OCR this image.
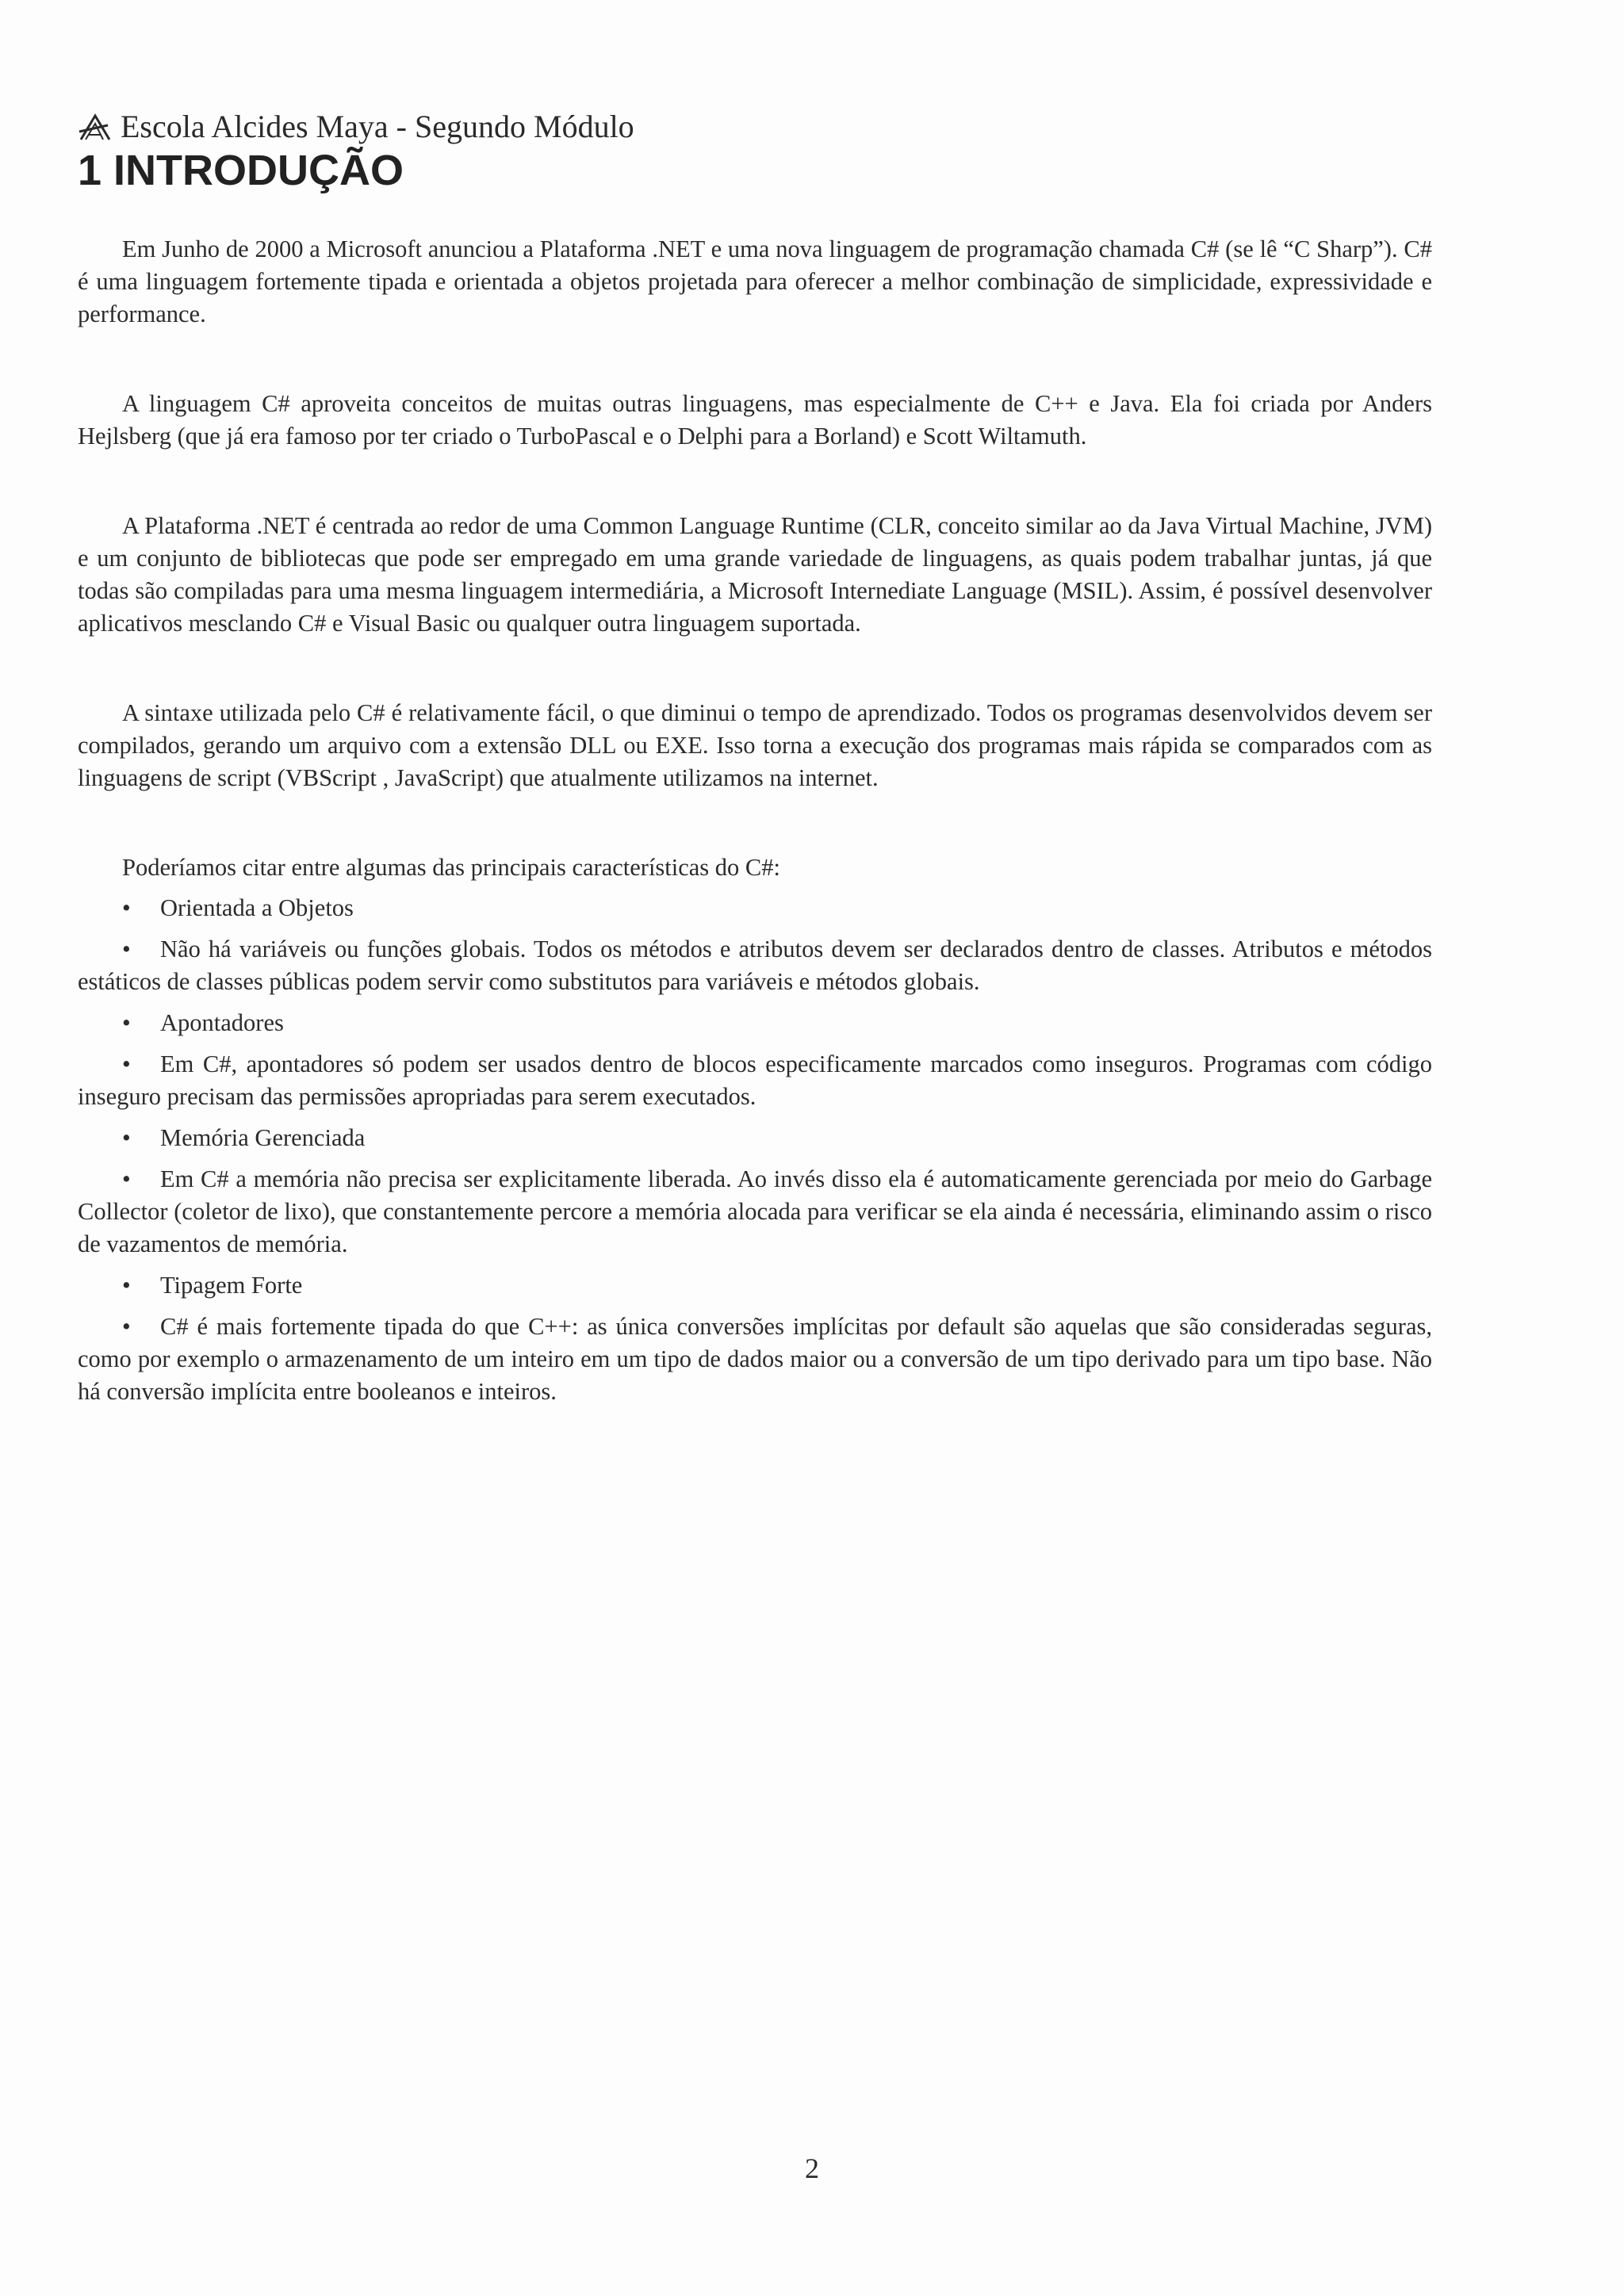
Escola Alcides Maya - Segundo Módulo
1 INTRODUÇÃO

Em Junho de 2000 a Microsoft anunciou a Plataforma .NET e uma nova linguagem de programação chamada C# (se lê “C Sharp”). C# é uma linguagem fortemente tipada e orientada a objetos projetada para oferecer a melhor combinação de simplicidade, expressividade e performance.

A linguagem C# aproveita conceitos de muitas outras linguagens, mas especialmente de C++ e Java. Ela foi criada por Anders Hejlsberg (que já era famoso por ter criado o TurboPascal e o Delphi para a Borland) e Scott Wiltamuth.

A Plataforma .NET é centrada ao redor de uma Common Language Runtime (CLR, conceito similar ao da Java Virtual Machine, JVM) e um conjunto de bibliotecas que pode ser empregado em uma grande variedade de linguagens, as quais podem trabalhar juntas, já que todas são compiladas para uma mesma linguagem intermediária, a Microsoft Internediate Language (MSIL). Assim, é possível desenvolver aplicativos mesclando C# e Visual Basic ou qualquer outra linguagem suportada.

A sintaxe utilizada pelo C# é relativamente fácil, o que diminui o tempo de aprendizado. Todos os programas desenvolvidos devem ser compilados, gerando um arquivo com a extensão DLL ou EXE. Isso torna a execução dos programas mais rápida se comparados com as linguagens de script (VBScript , JavaScript) que atualmente utilizamos na internet.

Poderíamos citar entre algumas das principais características do C#:

• Orientada a Objetos

• Não há variáveis ou funções globais. Todos os métodos e atributos devem ser declarados dentro de classes. Atributos e métodos estáticos de classes públicas podem servir como substitutos para variáveis e métodos globais.

• Apontadores

• Em C#, apontadores só podem ser usados dentro de blocos especificamente marcados como inseguros. Programas com código inseguro precisam das permissões apropriadas para serem executados.

• Memória Gerenciada

• Em C# a memória não precisa ser explicitamente liberada. Ao invés disso ela é automaticamente gerenciada por meio do Garbage Collector (coletor de lixo), que constantemente percore a memória alocada para verificar se ela ainda é necessária, eliminando assim o risco de vazamentos de memória.

• Tipagem Forte

• C# é mais fortemente tipada do que C++: as única conversões implícitas por default são aquelas que são consideradas seguras, como por exemplo o armazenamento de um inteiro em um tipo de dados maior ou a conversão de um tipo derivado para um tipo base. Não há conversão implícita entre booleanos e inteiros.

2
